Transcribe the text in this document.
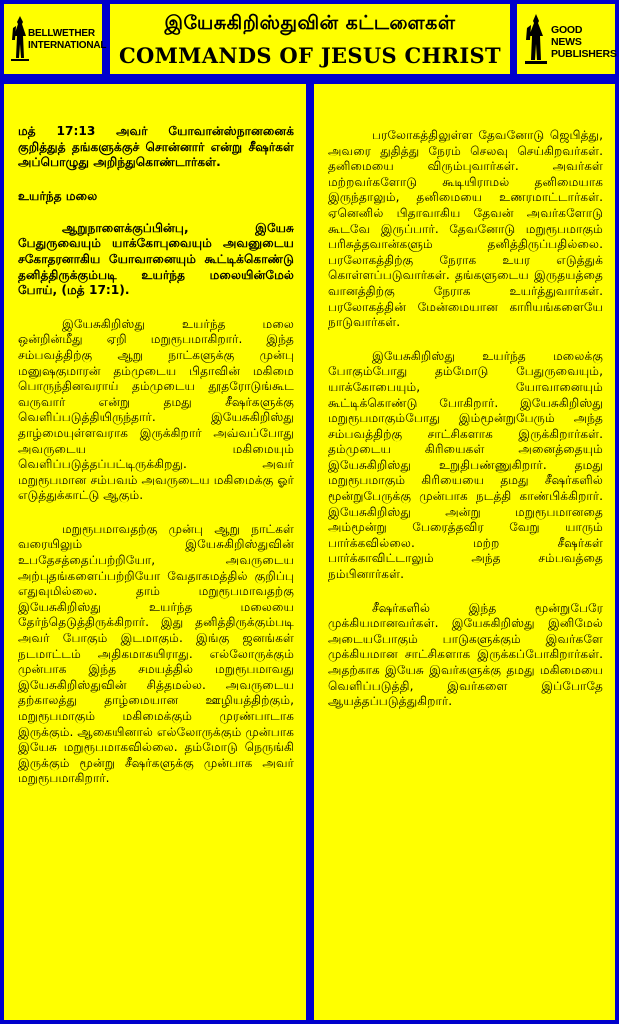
BELLWETHER
INTERNATIONAL
இயேசுகிறிஸ்துவின் கட்டளைகள்
COMMANDS OF JESUS CHRIST
GOOD NEWS
PUBLISHERS

மத் 17:13 அவர் யோவான்ஸ்நானனைக் குறித்துத் தங்களுக்குச் சொன்னார் என்று சீஷர்கள் அப்பொழுது அறிந்துகொண்டார்கள்.

உயர்ந்த மலை

ஆறுநாளைக்குப்பின்பு, இயேசு பேதுருவையும் யாக்கோபுவையும் அவனுடைய சகோதரனாகிய யோவானையும் கூட்டிக்கொண்டு தனித்திருக்கும்படி உயர்ந்த மலையின்மேல் போய், (மத் 17:1).

இயேசுகிறிஸ்து உயர்ந்த மலை ஒன்றின்மீது ஏறி மறுரூபமாகிறார். இந்த சம்பவத்திற்கு ஆறு நாட்களுக்கு முன்பு மனுஷகுமாரன் தம்முடைய பிதாவின் மகிமை பொருந்தினவராய் தம்முடைய தூதரோடுங்கூட வருவார் என்று தமது சீஷர்களுக்கு வெளிப்படுத்தியிருந்தார். இயேசுகிறிஸ்து தாழ்மையுள்ளவராக இருக்கிறார் அவ்வப்போது அவருடைய மகிமையும் வெளிப்படுத்தப்பட்டிருக்கிறது. அவர் மறுரூபமான சம்பவம் அவருடைய மகிமைக்கு ஓர் எடுத்துக்காட்டு ஆகும்.

மறுரூபமாவதற்கு முன்பு ஆறு நாட்கள் வரையிலும் இயேசுகிறிஸ்துவின் உபதேசத்தைப்பற்றியோ, அவருடைய அற்புதங்களைப்பற்றியோ வேதாகமத்தில் குறிப்பு எதுவுமில்லை. தாம் மறுரூபமாவதற்கு இயேசுகிறிஸ்து உயர்ந்த மலையை தேர்ந்தெடுத்திருக்கிறார். இது தனித்திருக்கும்படி அவர் போகும் இடமாகும். இங்கு ஜனங்கள் நடமாட்டம் அதிகமாகயிராது. எல்லோருக்கும் முன்பாக இந்த சமயத்தில் மறுரூபமாவது இயேசுகிறிஸ்துவின் சித்தமல்ல. அவருடைய தற்காலத்து தாழ்மையான ஊழியத்திற்கும், மறுரூபமாகும் மகிமைக்கும் முரண்பாடாக இருக்கும். ஆகையினால் எல்லோருக்கும் முன்பாக இயேசு மறுரூபமாகவில்லை. தம்மோடு நெருங்கி இருக்கும் மூன்று சீஷர்களுக்கு முன்பாக அவர் மறுரூபமாகிறார்.

பரலோகத்திலுள்ள தேவனோடு ஜெபித்து, அவரை துதித்து நேரம் செலவு செய்கிறவர்கள். தனிமையை விரும்புவார்கள். அவர்கள் மற்றவர்களோடு கூடியிராமல் தனிமையாக இருந்தாலும், தனிமையை உணரமாட்டார்கள். ஏனெனில் பிதாவாகிய தேவன் அவர்களோடு கூடவே இருப்பார். தேவனோடு மறுரூபமாகும் பரிசுத்தவான்களும் தனித்திருப்பதில்லை. பரலோகத்திற்கு நேராக உயர எடுத்துக் கொள்ளப்படுவார்கள். தங்களுடைய இருதயத்தை வானத்திற்கு நேராக உயர்த்துவார்கள். பரலோகத்தின் மேன்மையான காரியங்களையே நாடுவார்கள்.

இயேசுகிறிஸ்து உயர்ந்த மலைக்கு போகும்போது தம்மோடு பேதுருவையும், யாக்கோபையும், யோவானையும் கூட்டிக்கொண்டு போகிறார். இயேசுகிறிஸ்து மறுரூபமாகும்போது இம்மூன்றுபேரும் அந்த சம்பவத்திற்கு சாட்சிகளாக இருக்கிறார்கள். தம்முடைய கிரியைகள் அனைத்தையும் இயேசுகிறிஸ்து உறுதிபண்ணுகிறார். தமது மறுரூபமாகும் கிரியையை தமது சீஷர்களில் மூன்றுபேருக்கு முன்பாக நடத்தி காண்பிக்கிறார். இயேசுகிறிஸ்து அன்று மறுரூபமானதை அம்மூன்று பேரைத்தவிர வேறு யாரும் பார்க்கவில்லை. மற்ற சீஷர்கள் பார்க்காவிட்டாலும் அந்த சம்பவத்தை நம்பினார்கள்.

சீஷர்களில் இந்த மூன்றுபேரே முக்கியமானவர்கள். இயேசுகிறிஸ்து இனிமேல் அடையபோகும் பாடுகளுக்கும் இவர்களே முக்கியமான சாட்சிகளாக இருக்கப்போகிறார்கள். அதற்காக இயேசு இவர்களுக்கு தமது மகிமையை வெளிப்படுத்தி, இவர்களை இப்போதே ஆயத்தப்படுத்துகிறார்.
